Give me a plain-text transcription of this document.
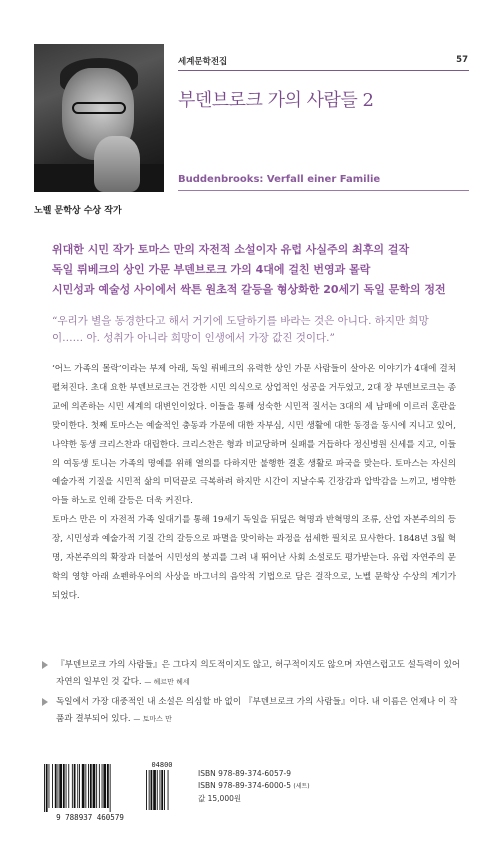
노벨 문학상 수상 작가
세계문학전집	57
부덴브로크 가의 사람들 2
Buddenbrooks: Verfall einer Familie
위대한 시민 작가 토마스 만의 자전적 소설이자 유럽 사실주의 최후의 걸작
독일 뤼베크의 상인 가문 부덴브로크 가의 4대에 걸친 번영과 몰락
시민성과 예술성 사이에서 싹튼 원초적 갈등을 형상화한 20세기 독일 문학의 정전
“우리가 별을 동경한다고 해서 거기에 도달하기를 바라는 것은 아니다. 하지만 희망이…… 아. 성취가 아니라 희망이 인생에서 가장 값진 것이다.”

‘어느 가족의 몰락’이라는 부제 아래, 독일 뤼베크의 유력한 상인 가문 사람들이 살아온 이야기가 4대에 걸쳐 펼쳐진다. 초대 요한 부덴브로크는 건강한 시민 의식으로 상업적인 성공을 거두었고, 2대 장 부덴브로크는 종교에 의존하는 시민 세계의 대변인이었다. 이들을 통해 성숙한 시민적 질서는 3대의 세 남매에 이르러 혼란을 맞이한다. 첫째 토마스는 예술적인 충동과 가문에 대한 자부심, 시민 생활에 대한 동경을 동시에 지니고 있어, 나약한 동생 크리스찬과 대립한다. 크리스찬은 형과 비교당하며 실패를 거듭하다 정신병원 신세를 지고, 이들의 여동생 토니는 가족의 명예를 위해 열의를 다하지만 불행한 결혼 생활로 파국을 맞는다. 토마스는 자신의 예술가적 기질을 시민적 삶의 미덕끝로 극복하려 하지만 시간이 지날수록 긴장감과 압박감을 느끼고, 병약한 아들 하노로 인해 갈등은 더욱 커진다.

토마스 만은 이 자전적 가족 일대기를 통해 19세기 독일을 뒤덮은 혁명과 반혁명의 조류, 산업 자본주의의 등장, 시민성과 예술가적 기질 간의 갈등으로 파멸을 맞이하는 과정을 섬세한 필치로 묘사한다. 1848년 3월 혁명, 자본주의의 확장과 더불어 시민성의 붕괴를 그려 내 뛰어난 사회 소설로도 평가받는다. 유럽 자연주의 문학의 영향 아래 쇼펜하우어의 사상을 바그너의 음악적 기법으로 담은 걸작으로, 노벨 문학상 수상의 계기가 되었다.

『부덴브로크 가의 사람들』은 그다지 의도적이지도 않고, 허구적이지도 않으며 자연스럽고도 설득력이 있어 자연의 일부인 것 같다. — 헤르만 헤세
독일에서 가장 대중적인 내 소설은 의심할 바 없이 『부덴브로크 가의 사람들』이다. 내 이름은 언제나 이 작품과 결부되어 있다. — 토마스 만
04800
9 788937 460579
ISBN 978-89-374-6057-9
ISBN 978-89-374-6000-5 (세트)
값 15,000원
